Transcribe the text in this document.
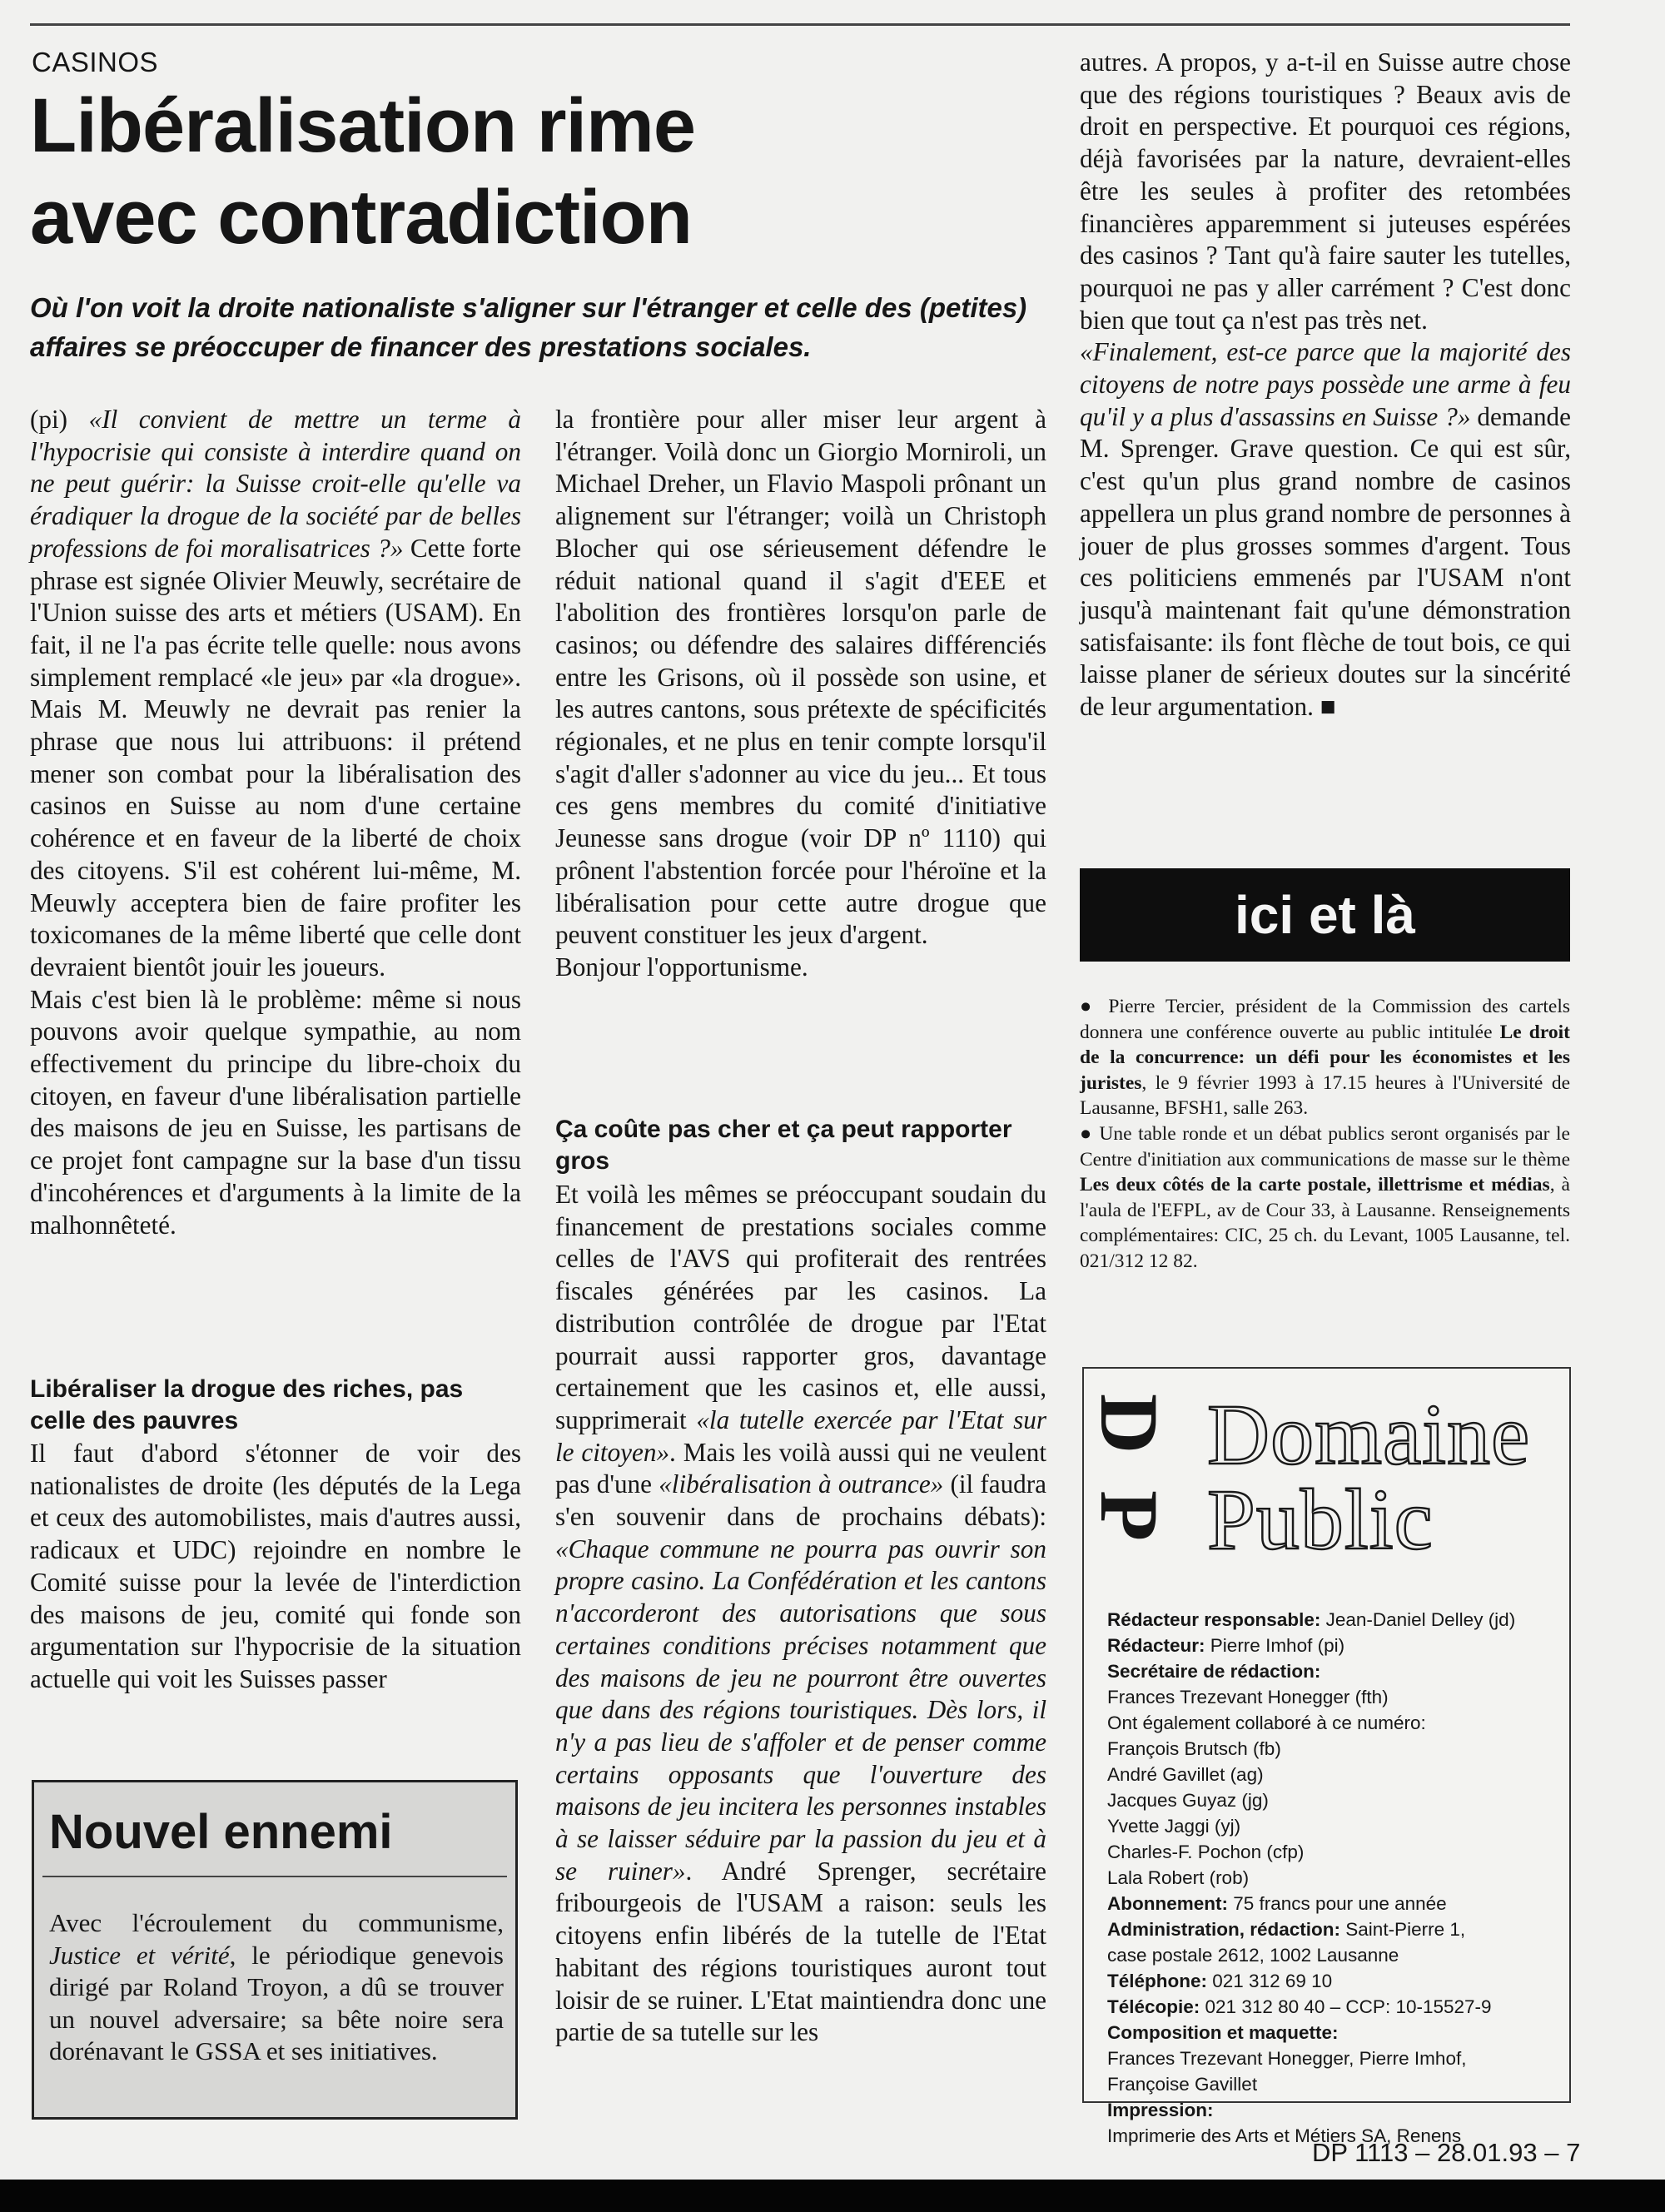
CASINOS
Libéralisation rime
avec contradiction
Où l'on voit la droite nationaliste s'aligner sur l'étranger et celle des (petites) affaires se préoccuper de financer des prestations sociales.

(pi) «Il convient de mettre un terme à l'hypocrisie qui consiste à interdire quand on ne peut guérir: la Suisse croit-elle qu'elle va éradiquer la drogue de la société par de belles professions de foi moralisatrices ?» Cette forte phrase est signée Olivier Meuwly, secrétaire de l'Union suisse des arts et métiers (USAM). En fait, il ne l'a pas écrite telle quelle: nous avons simplement remplacé «le jeu» par «la drogue». Mais M. Meuwly ne devrait pas renier la phrase que nous lui attribuons: il prétend mener son combat pour la libéralisation des casinos en Suisse au nom d'une certaine cohérence et en faveur de la liberté de choix des citoyens. S'il est cohérent lui-même, M. Meuwly acceptera bien de faire profiter les toxicomanes de la même liberté que celle dont devraient bientôt jouir les joueurs.

Mais c'est bien là le problème: même si nous pouvons avoir quelque sympathie, au nom effectivement du principe du libre-choix du citoyen, en faveur d'une libéralisation partielle des maisons de jeu en Suisse, les partisans de ce projet font campagne sur la base d'un tissu d'incohérences et d'arguments à la limite de la malhonnêteté.

Libéraliser la drogue des riches, pas celle des pauvres

Il faut d'abord s'étonner de voir des nationalistes de droite (les députés de la Lega et ceux des automobilistes, mais d'autres aussi, radicaux et UDC) rejoindre en nombre le Comité suisse pour la levée de l'interdiction des maisons de jeu, comité qui fonde son argumentation sur l'hypocrisie de la situation actuelle qui voit les Suisses passer

Nouvel ennemi
Avec l'écroulement du communisme, Justice et vérité, le périodique genevois dirigé par Roland Troyon, a dû se trouver un nouvel adversaire; sa bête noire sera dorénavant le GSSA et ses initiatives.

la frontière pour aller miser leur argent à l'étranger. Voilà donc un Giorgio Morniroli, un Michael Dreher, un Flavio Maspoli prônant un alignement sur l'étranger; voilà un Christoph Blocher qui ose sérieusement défendre le réduit national quand il s'agit d'EEE et l'abolition des frontières lorsqu'on parle de casinos; ou défendre des salaires différenciés entre les Grisons, où il possède son usine, et les autres cantons, sous prétexte de spécificités régionales, et ne plus en tenir compte lorsqu'il s'agit d'aller s'adonner au vice du jeu... Et tous ces gens membres du comité d'initiative Jeunesse sans drogue (voir DP nº 1110) qui prônent l'abstention forcée pour l'héroïne et la libéralisation pour cette autre drogue que peuvent constituer les jeux d'argent.

Bonjour l'opportunisme.

Ça coûte pas cher et ça peut rapporter gros

Et voilà les mêmes se préoccupant soudain du financement de prestations sociales comme celles de l'AVS qui profiterait des rentrées fiscales générées par les casinos. La distribution contrôlée de drogue par l'Etat pourrait aussi rapporter gros, davantage certainement que les casinos et, elle aussi, supprimerait «la tutelle exercée par l'Etat sur le citoyen». Mais les voilà aussi qui ne veulent pas d'une «libéralisation à outrance» (il faudra s'en souvenir dans de prochains débats): «Chaque commune ne pourra pas ouvrir son propre casino. La Confédération et les cantons n'accorderont des autorisations que sous certaines conditions précises notamment que des maisons de jeu ne pourront être ouvertes que dans des régions touristiques. Dès lors, il n'y a pas lieu de s'affoler et de penser comme certains opposants que l'ouverture des maisons de jeu incitera les personnes instables à se laisser séduire par la passion du jeu et à se ruiner». André Sprenger, secrétaire fribourgeois de l'USAM a raison: seuls les citoyens enfin libérés de la tutelle de l'Etat habitant des régions touristiques auront tout loisir de se ruiner. L'Etat maintiendra donc une partie de sa tutelle sur les

autres. A propos, y a-t-il en Suisse autre chose que des régions touristiques ? Beaux avis de droit en perspective. Et pourquoi ces régions, déjà favorisées par la nature, devraient-elles être les seules à profiter des retombées financières apparemment si juteuses espérées des casinos ? Tant qu'à faire sauter les tutelles, pourquoi ne pas y aller carrément ? C'est donc bien que tout ça n'est pas très net.

«Finalement, est-ce parce que la majorité des citoyens de notre pays possède une arme à feu qu'il y a plus d'assassins en Suisse ?» demande M. Sprenger. Grave question. Ce qui est sûr, c'est qu'un plus grand nombre de casinos appellera un plus grand nombre de personnes à jouer de plus grosses sommes d'argent. Tous ces politiciens emmenés par l'USAM n'ont jusqu'à maintenant fait qu'une démonstration satisfaisante: ils font flèche de tout bois, ce qui laisse planer de sérieux doutes sur la sincérité de leur argumentation. ■

ici et là

● Pierre Tercier, président de la Commission des cartels donnera une conférence ouverte au public intitulée Le droit de la concurrence: un défi pour les économistes et les juristes, le 9 février 1993 à 17.15 heures à l'Université de Lausanne, BFSH1, salle 263.

● Une table ronde et un débat publics seront organisés par le Centre d'initiation aux communications de masse sur le thème Les deux côtés de la carte postale, illettrisme et médias, à l'aula de l'EFPL, av de Cour 33, à Lausanne. Renseignements complémentaires: CIC, 25 ch. du Levant, 1005 Lausanne, tel. 021/312 12 82.

D
P
Domaine
Public

Rédacteur responsable: Jean-Daniel Delley (jd)

Rédacteur: Pierre Imhof (pi)

Secrétaire de rédaction:

Frances Trezevant Honegger (fth)

Ont également collaboré à ce numéro:

François Brutsch (fb)

André Gavillet (ag)

Jacques Guyaz (jg)

Yvette Jaggi (yj)

Charles-F. Pochon (cfp)

Lala Robert (rob)

Abonnement: 75 francs pour une année

Administration, rédaction: Saint-Pierre 1,

case postale 2612, 1002 Lausanne

Téléphone: 021 312 69 10

Télécopie: 021 312 80 40 – CCP: 10-15527-9

Composition et maquette:

Frances Trezevant Honegger, Pierre Imhof,

Françoise Gavillet

Impression:

Imprimerie des Arts et Métiers SA, Renens

DP 1113 – 28.01.93 – 7
